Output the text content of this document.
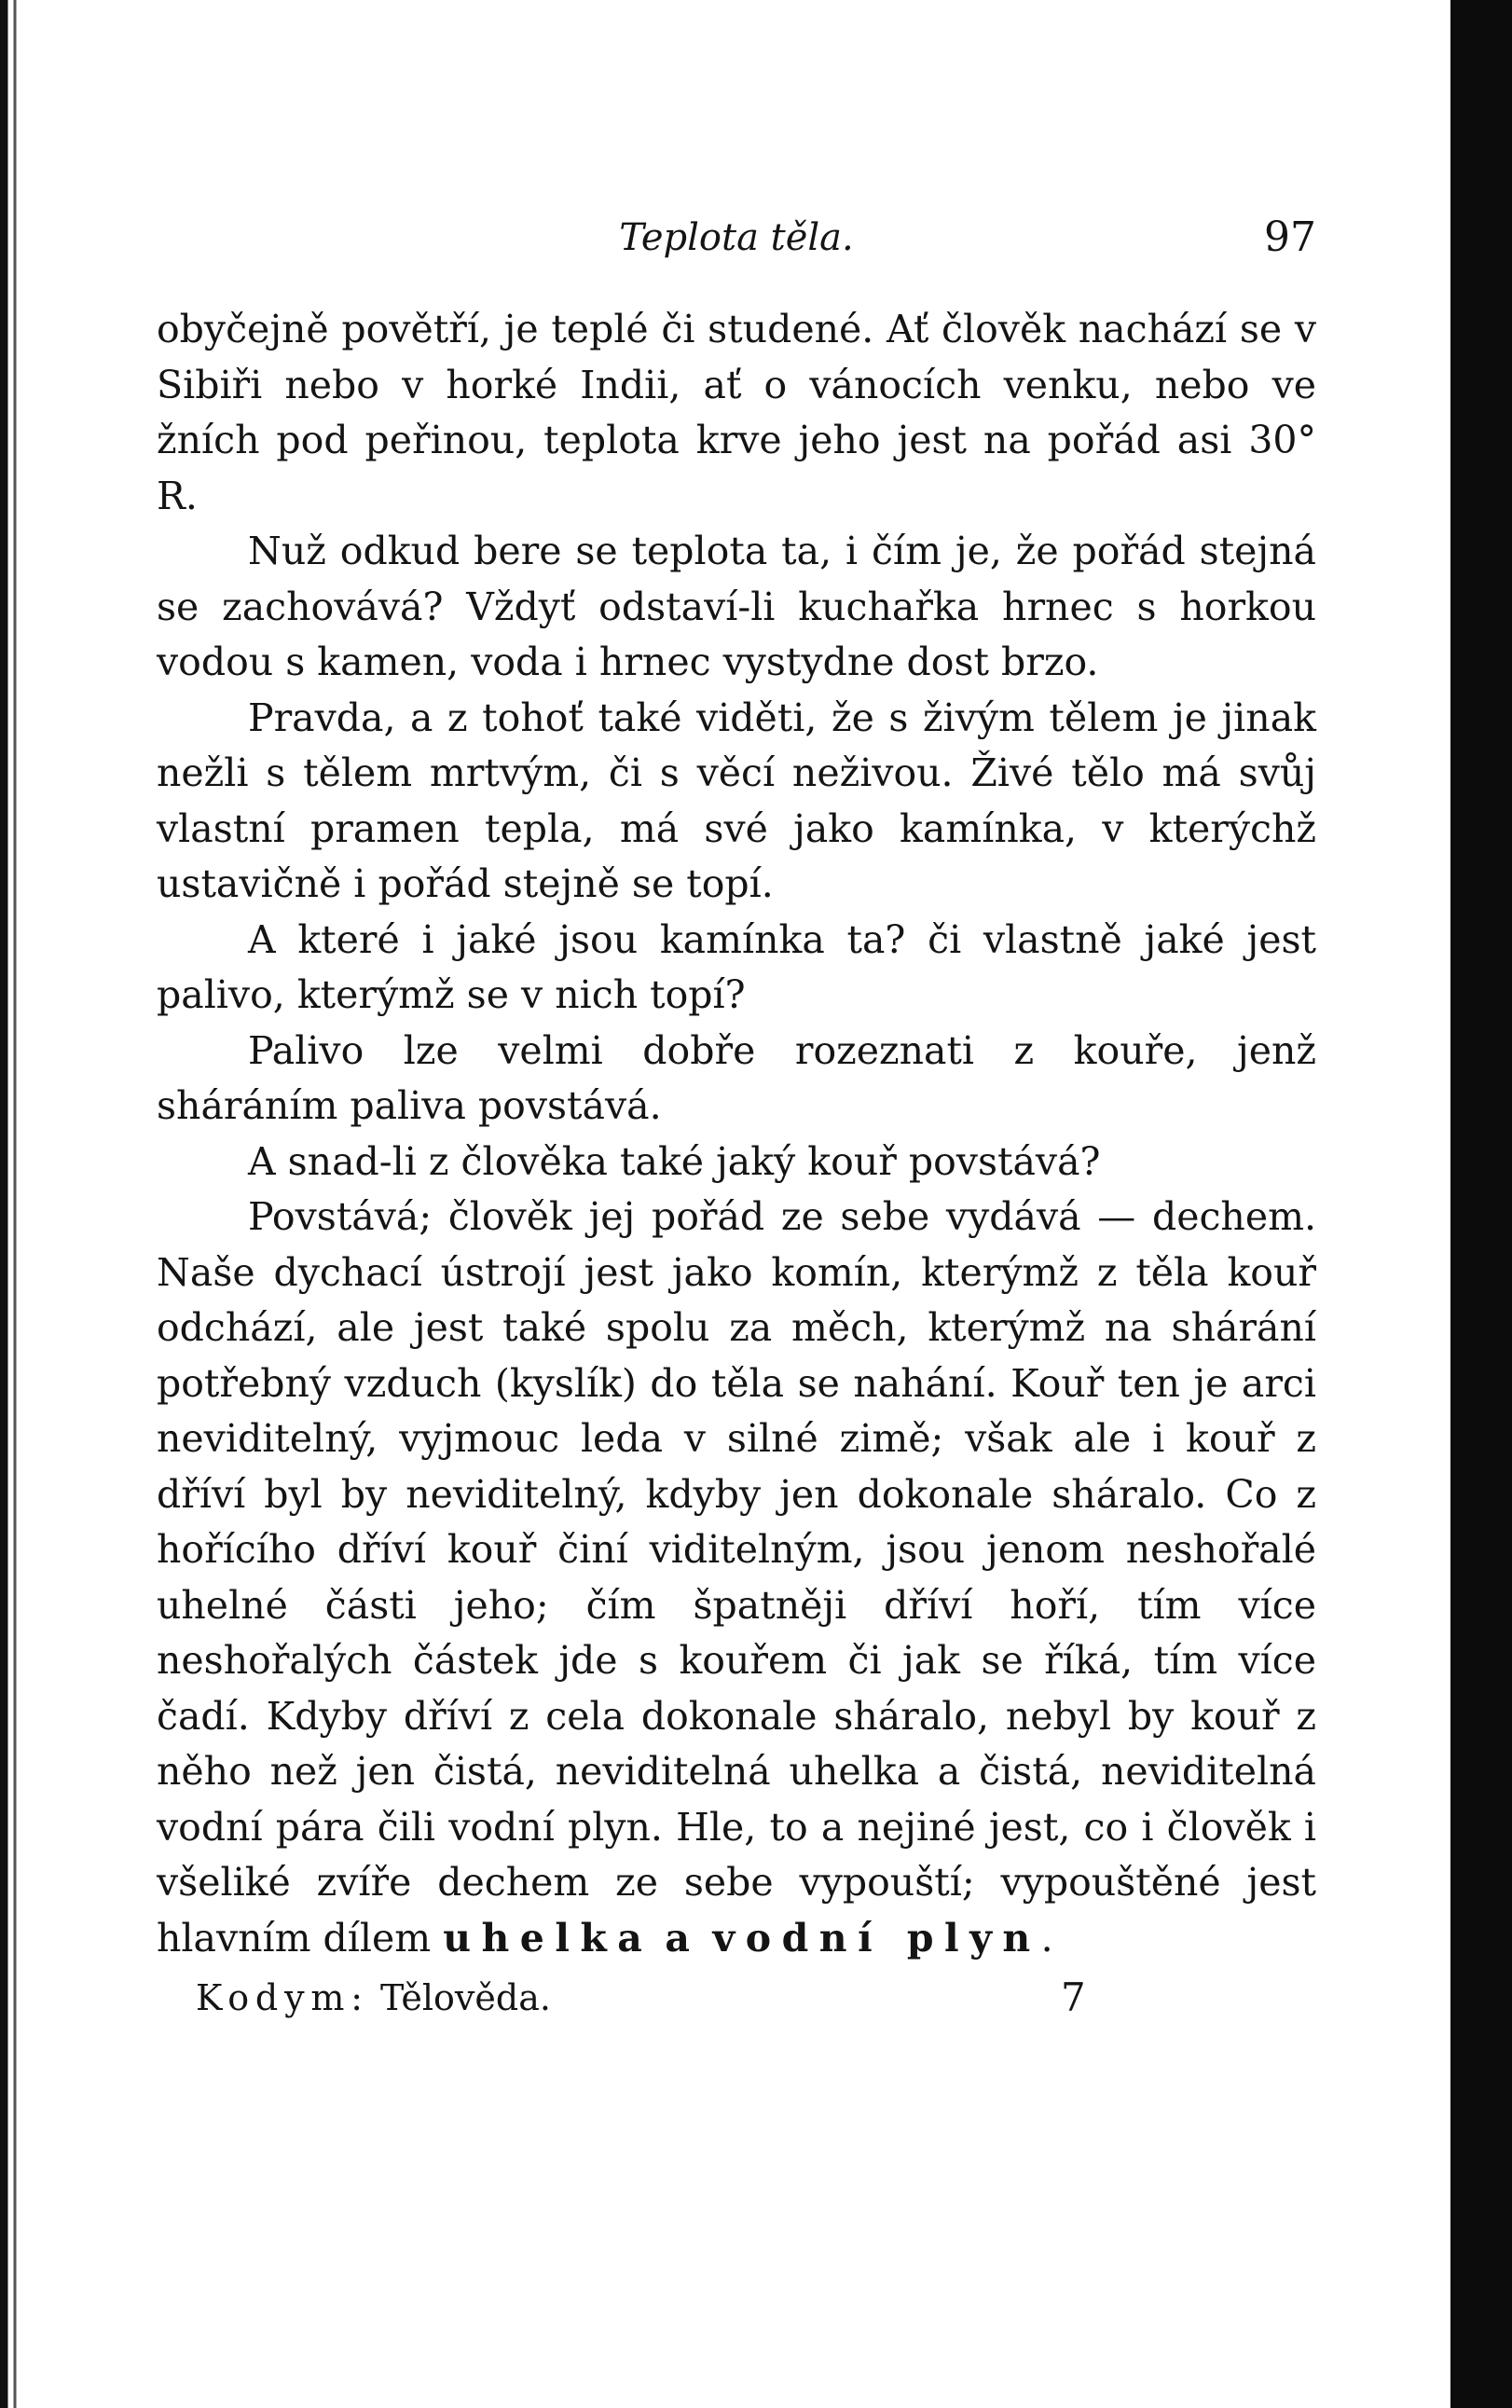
Teplota těla.	97

obyčejně povětří, je teplé či studené. Ať člověk nachází se v Sibiři nebo v horké Indii, ať o vánocích venku, nebo ve žních pod peřinou, teplota krve jeho jest na pořád asi 30° R.

Nuž odkud bere se teplota ta, i čím je, že pořád stejná se zachovává? Vždyť odstaví-li kuchařka hrnec s horkou vodou s kamen, voda i hrnec vystydne dost brzo.

Pravda, a z tohoť také viděti, že s živým tělem je jinak nežli s tělem mrtvým, či s věcí neživou. Živé tělo má svůj vlastní pramen tepla, má své jako kamínka, v kterýchž ustavičně i pořád stejně se topí.

A které i jaké jsou kamínka ta? či vlastně jaké jest palivo, kterýmž se v nich topí?

Palivo lze velmi dobře rozeznati z kouře, jenž sháráním paliva povstává.

A snad-li z člověka také jaký kouř povstává?

Povstává; člověk jej pořád ze sebe vydává — dechem. Naše dychací ústrojí jest jako komín, kterýmž z těla kouř odchází, ale jest také spolu za měch, kterýmž na shárání potřebný vzduch (kyslík) do těla se nahání. Kouř ten je arci neviditelný, vyjmouc leda v silné zimě; však ale i kouř z dříví byl by neviditelný, kdyby jen dokonale sháralo. Co z hořícího dříví kouř činí viditelným, jsou jenom neshořalé uhelné části jeho; čím špatněji dříví hoří, tím více neshořalých částek jde s kouřem či jak se říká, tím více čadí. Kdyby dříví z cela dokonale sháralo, nebyl by kouř z něho než jen čistá, neviditelná uhelka a čistá, neviditelná vodní pára čili vodní plyn. Hle, to a nejiné jest, co i člověk i všeliké zvíře dechem ze sebe vypouští; vypouštěné jest hlavním dílem uhelka a vodní plyn.

Kodym: Tělověda.	7
